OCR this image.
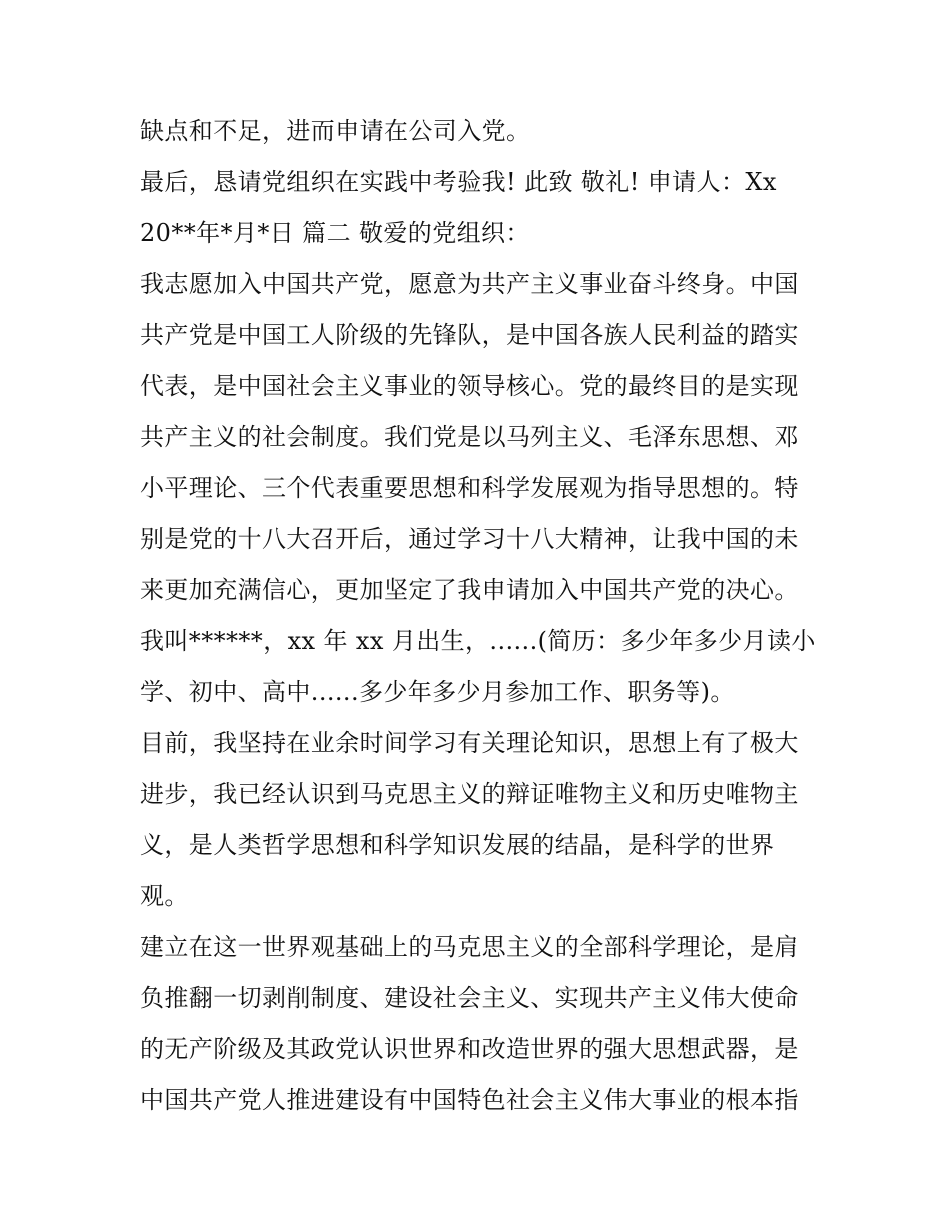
缺点和不足，进而申请在公司入党。
最后，恳请党组织在实践中考验我! 此致 敬礼! 申请人：Xx
20**年*月*日 篇二 敬爱的党组织：
我志愿加入中国共产党，愿意为共产主义事业奋斗终身。中国
共产党是中国工人阶级的先锋队，是中国各族人民利益的踏实
代表，是中国社会主义事业的领导核心。党的最终目的是实现
共产主义的社会制度。我们党是以马列主义、毛泽东思想、邓
小平理论、三个代表重要思想和科学发展观为指导思想的。特
别是党的十八大召开后，通过学习十八大精神，让我中国的未
来更加充满信心，更加坚定了我申请加入中国共产党的决心。
我叫******，xx 年 xx 月出生，......(简历：多少年多少月读小
学、初中、高中......多少年多少月参加工作、职务等)。
目前，我坚持在业余时间学习有关理论知识，思想上有了极大
进步，我已经认识到马克思主义的辩证唯物主义和历史唯物主
义，是人类哲学思想和科学知识发展的结晶，是科学的世界
观。
建立在这一世界观基础上的马克思主义的全部科学理论，是肩
负推翻一切剥削制度、建设社会主义、实现共产主义伟大使命
的无产阶级及其政党认识世界和改造世界的强大思想武器，是
中国共产党人推进建设有中国特色社会主义伟大事业的根本指
